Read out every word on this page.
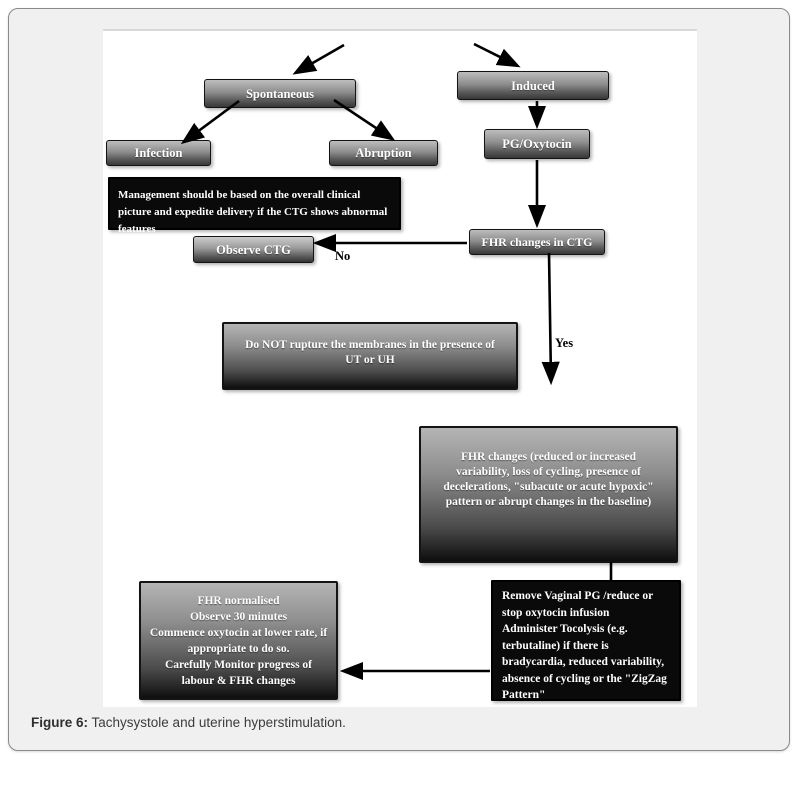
Spontaneous
Induced
Infection	Abruption
Management should be based on the overall clinical picture and expedite delivery if the CTG shows abnormal features
Observe CTG
PG/Oxytocin
FHR changes in CTG
Do NOT rupture the membranes in the presence of UT or UH
FHR changes (reduced or increased variability, loss of cycling, presence of decelerations, "subacute or acute hypoxic" pattern or abrupt changes in the baseline)
Remove Vaginal PG /reduce or stop oxytocin infusion
Administer Tocolysis (e.g. terbutaline) if there is bradycardia, reduced variability, absence of cycling or the "ZigZag Pattern"
FHR normalised
Observe 30 minutes
Commence oxytocin at lower rate, if appropriate to do so.
Carefully Monitor progress of labour & FHR changes
No
Yes
Figure 6: Tachysystole and uterine hyperstimulation.
